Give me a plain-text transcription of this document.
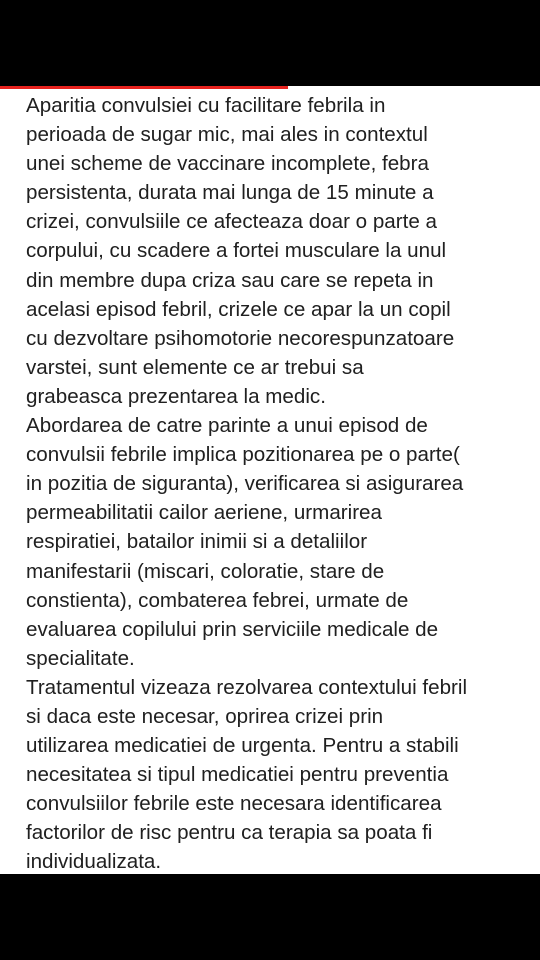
Aparitia convulsiei cu facilitare febrila in
perioada de sugar mic, mai ales in contextul
unei scheme de vaccinare incomplete, febra
persistenta, durata mai lunga de 15 minute a
crizei, convulsiile ce afecteaza doar o parte a
corpului, cu scadere a fortei musculare la unul
din membre dupa criza sau care se repeta in
acelasi episod febril, crizele ce apar la un copil
cu dezvoltare psihomotorie necorespunzatoare
varstei, sunt elemente ce ar trebui sa
grabeasca prezentarea la medic.

Abordarea de catre parinte a unui episod de
convulsii febrile implica pozitionarea pe o parte(
in pozitia de siguranta), verificarea si asigurarea
permeabilitatii cailor aeriene, urmarirea
respiratiei, batailor inimii si a detaliilor
manifestarii (miscari, coloratie, stare de
constienta), combaterea febrei, urmate de
evaluarea copilului prin serviciile medicale de
specialitate.

Tratamentul vizeaza rezolvarea contextului febril
si daca este necesar, oprirea crizei prin
utilizarea medicatiei de urgenta. Pentru a stabili
necesitatea si tipul medicatiei pentru preventia
convulsiilor febrile este necesara identificarea
factorilor de risc pentru ca terapia sa poata fi
individualizata.
